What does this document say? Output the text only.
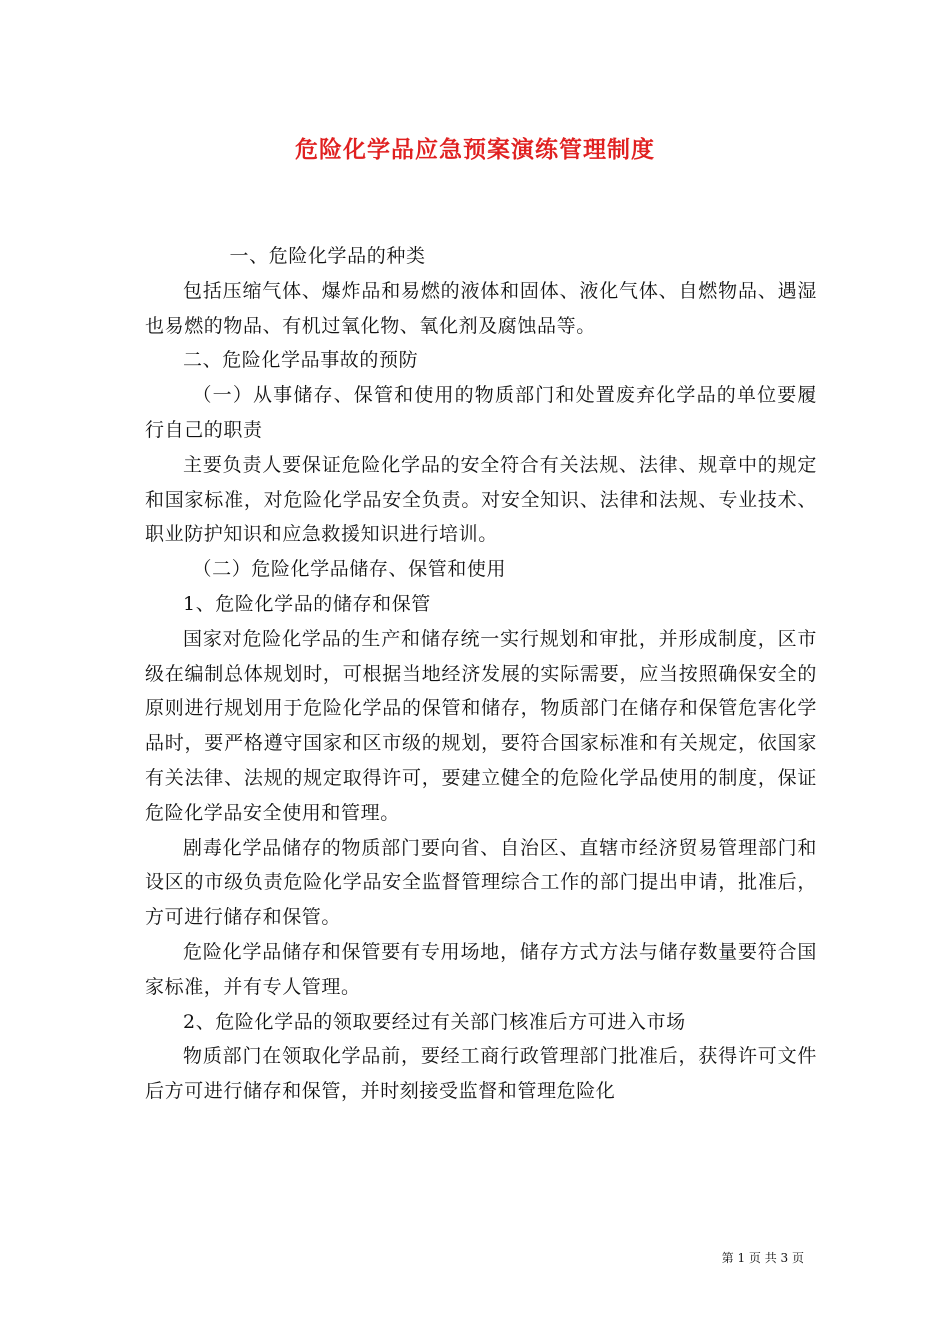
危险化学品应急预案演练管理制度

一、危险化学品的种类

包括压缩气体、爆炸品和易燃的液体和固体、液化气体、自燃物品、遇湿也易燃的物品、有机过氧化物、氧化剂及腐蚀品等。

二、危险化学品事故的预防

（一）从事储存、保管和使用的物质部门和处置废弃化学品的单位要履行自己的职责

主要负责人要保证危险化学品的安全符合有关法规、法律、规章中的规定和国家标准，对危险化学品安全负责。对安全知识、法律和法规、专业技术、职业防护知识和应急救援知识进行培训。

（二）危险化学品储存、保管和使用

1、危险化学品的储存和保管

国家对危险化学品的生产和储存统一实行规划和审批，并形成制度，区市级在编制总体规划时，可根据当地经济发展的实际需要，应当按照确保安全的原则进行规划用于危险化学品的保管和储存，物质部门在储存和保管危害化学品时，要严格遵守国家和区市级的规划，要符合国家标准和有关规定，依国家有关法律、法规的规定取得许可，要建立健全的危险化学品使用的制度，保证危险化学品安全使用和管理。

剧毒化学品储存的物质部门要向省、自治区、直辖市经济贸易管理部门和设区的市级负责危险化学品安全监督管理综合工作的部门提出申请，批准后，方可进行储存和保管。

危险化学品储存和保管要有专用场地，储存方式方法与储存数量要符合国家标准，并有专人管理。

2、危险化学品的领取要经过有关部门核准后方可进入市场

物质部门在领取化学品前，要经工商行政管理部门批准后，获得许可文件后方可进行储存和保管，并时刻接受监督和管理危险化

第 1 页 共 3 页
